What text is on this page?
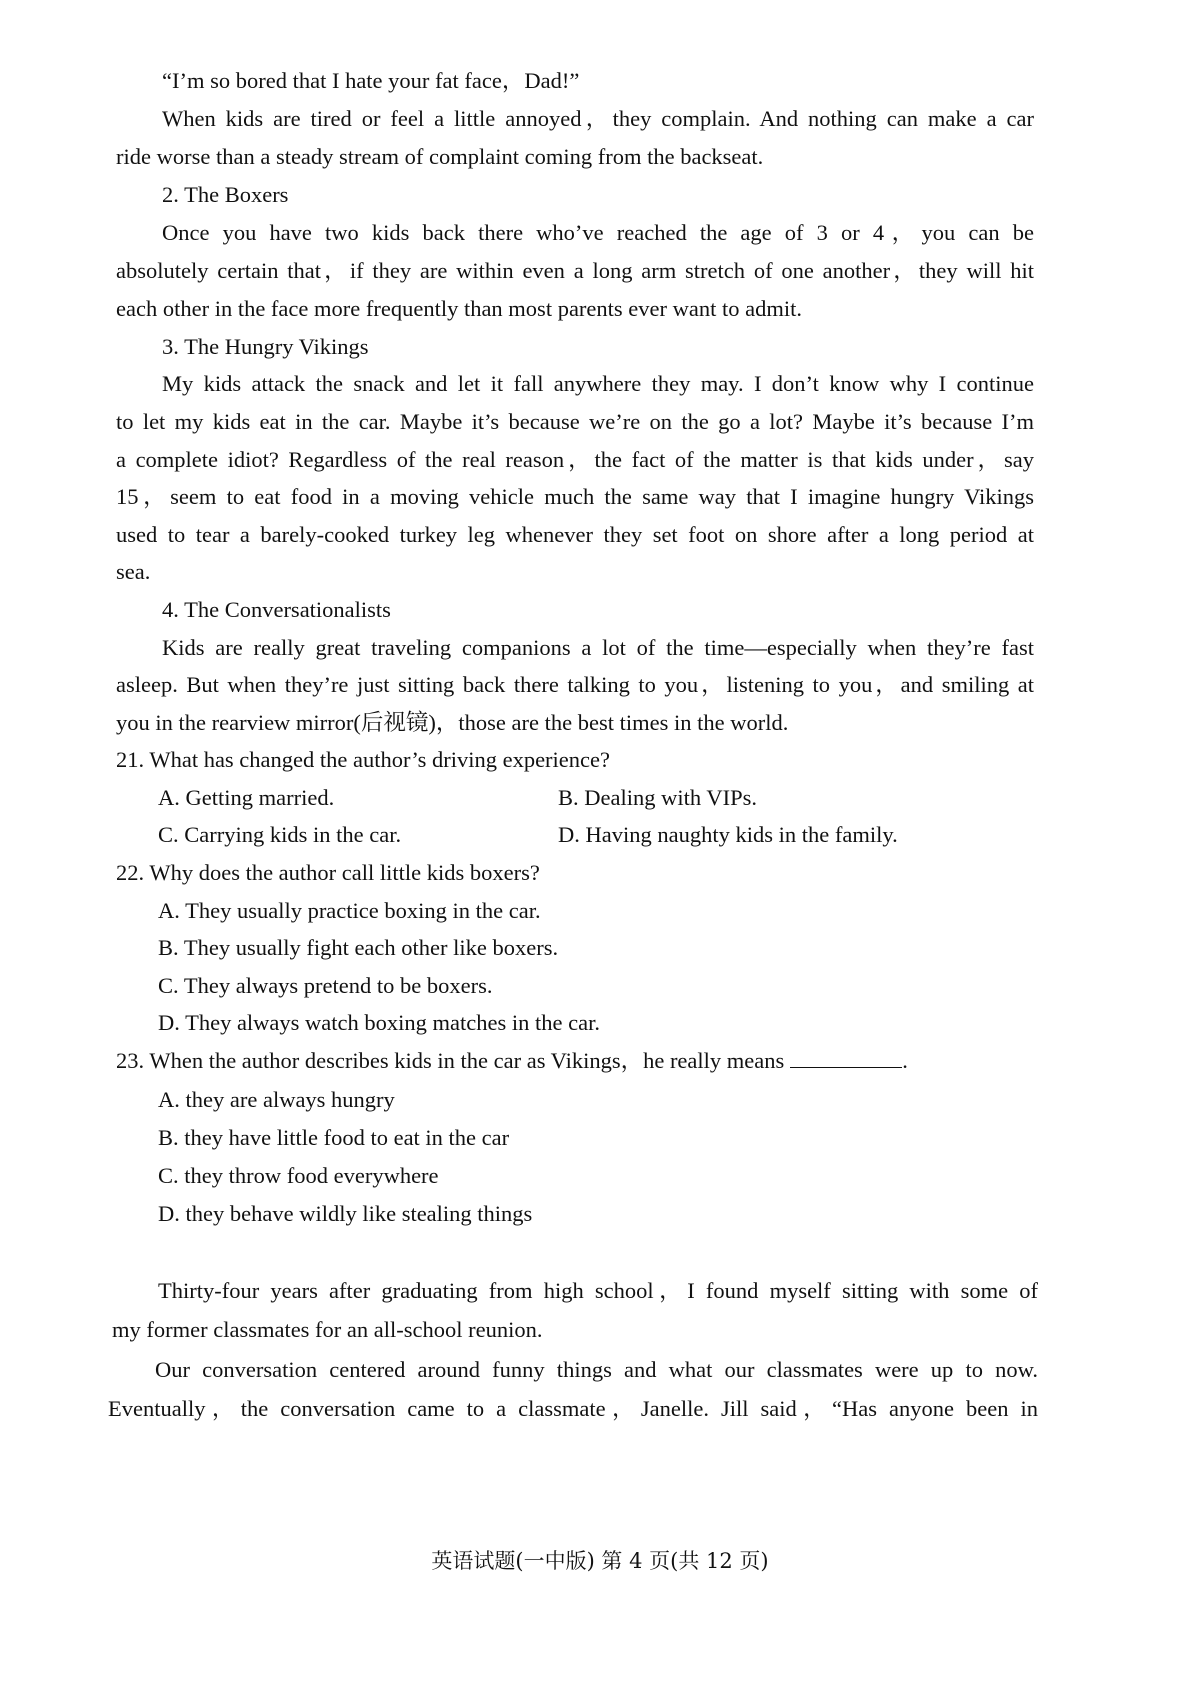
“I’m so bored that I hate your fat face，Dad!”
When kids are tired or feel a little annoyed，they complain. And nothing can make a car
ride worse than a steady stream of complaint coming from the backseat.
2. The Boxers
Once you have two kids back there who’ve reached the age of 3 or 4，you can be
absolutely certain that，if they are within even a long arm stretch of one another，they will hit
each other in the face more frequently than most parents ever want to admit.
3. The Hungry Vikings
My kids attack the snack and let it fall anywhere they may. I don’t know why I continue
to let my kids eat in the car. Maybe it’s because we’re on the go a lot? Maybe it’s because I’m
a complete idiot? Regardless of the real reason，the fact of the matter is that kids under，say
15，seem to eat food in a moving vehicle much the same way that I imagine hungry Vikings
used to tear a barely-cooked turkey leg whenever they set foot on shore after a long period at
sea.
4. The Conversationalists
Kids are really great traveling companions a lot of the time—especially when they’re fast
asleep. But when they’re just sitting back there talking to you，listening to you，and smiling at
you in the rearview mirror(后视镜)，those are the best times in the world.
21. What has changed the author’s driving experience?
A. Getting married.	B. Dealing with VIPs.
C. Carrying kids in the car.	D. Having naughty kids in the family.
22. Why does the author call little kids boxers?
A. They usually practice boxing in the car.
B. They usually fight each other like boxers.
C. They always pretend to be boxers.
D. They always watch boxing matches in the car.
23. When the author describes kids in the car as Vikings，he really means	.
A. they are always hungry
B. they have little food to eat in the car
C. they throw food everywhere
D. they behave wildly like stealing things
Thirty-four years after graduating from high school，I found myself sitting with some of
my former classmates for an all-school reunion.
Our conversation centered around funny things and what our classmates were up to now.
Eventually，the conversation came to a classmate，Janelle. Jill said，“Has anyone been in
英语试题(一中版) 第 4 页(共 12 页)
